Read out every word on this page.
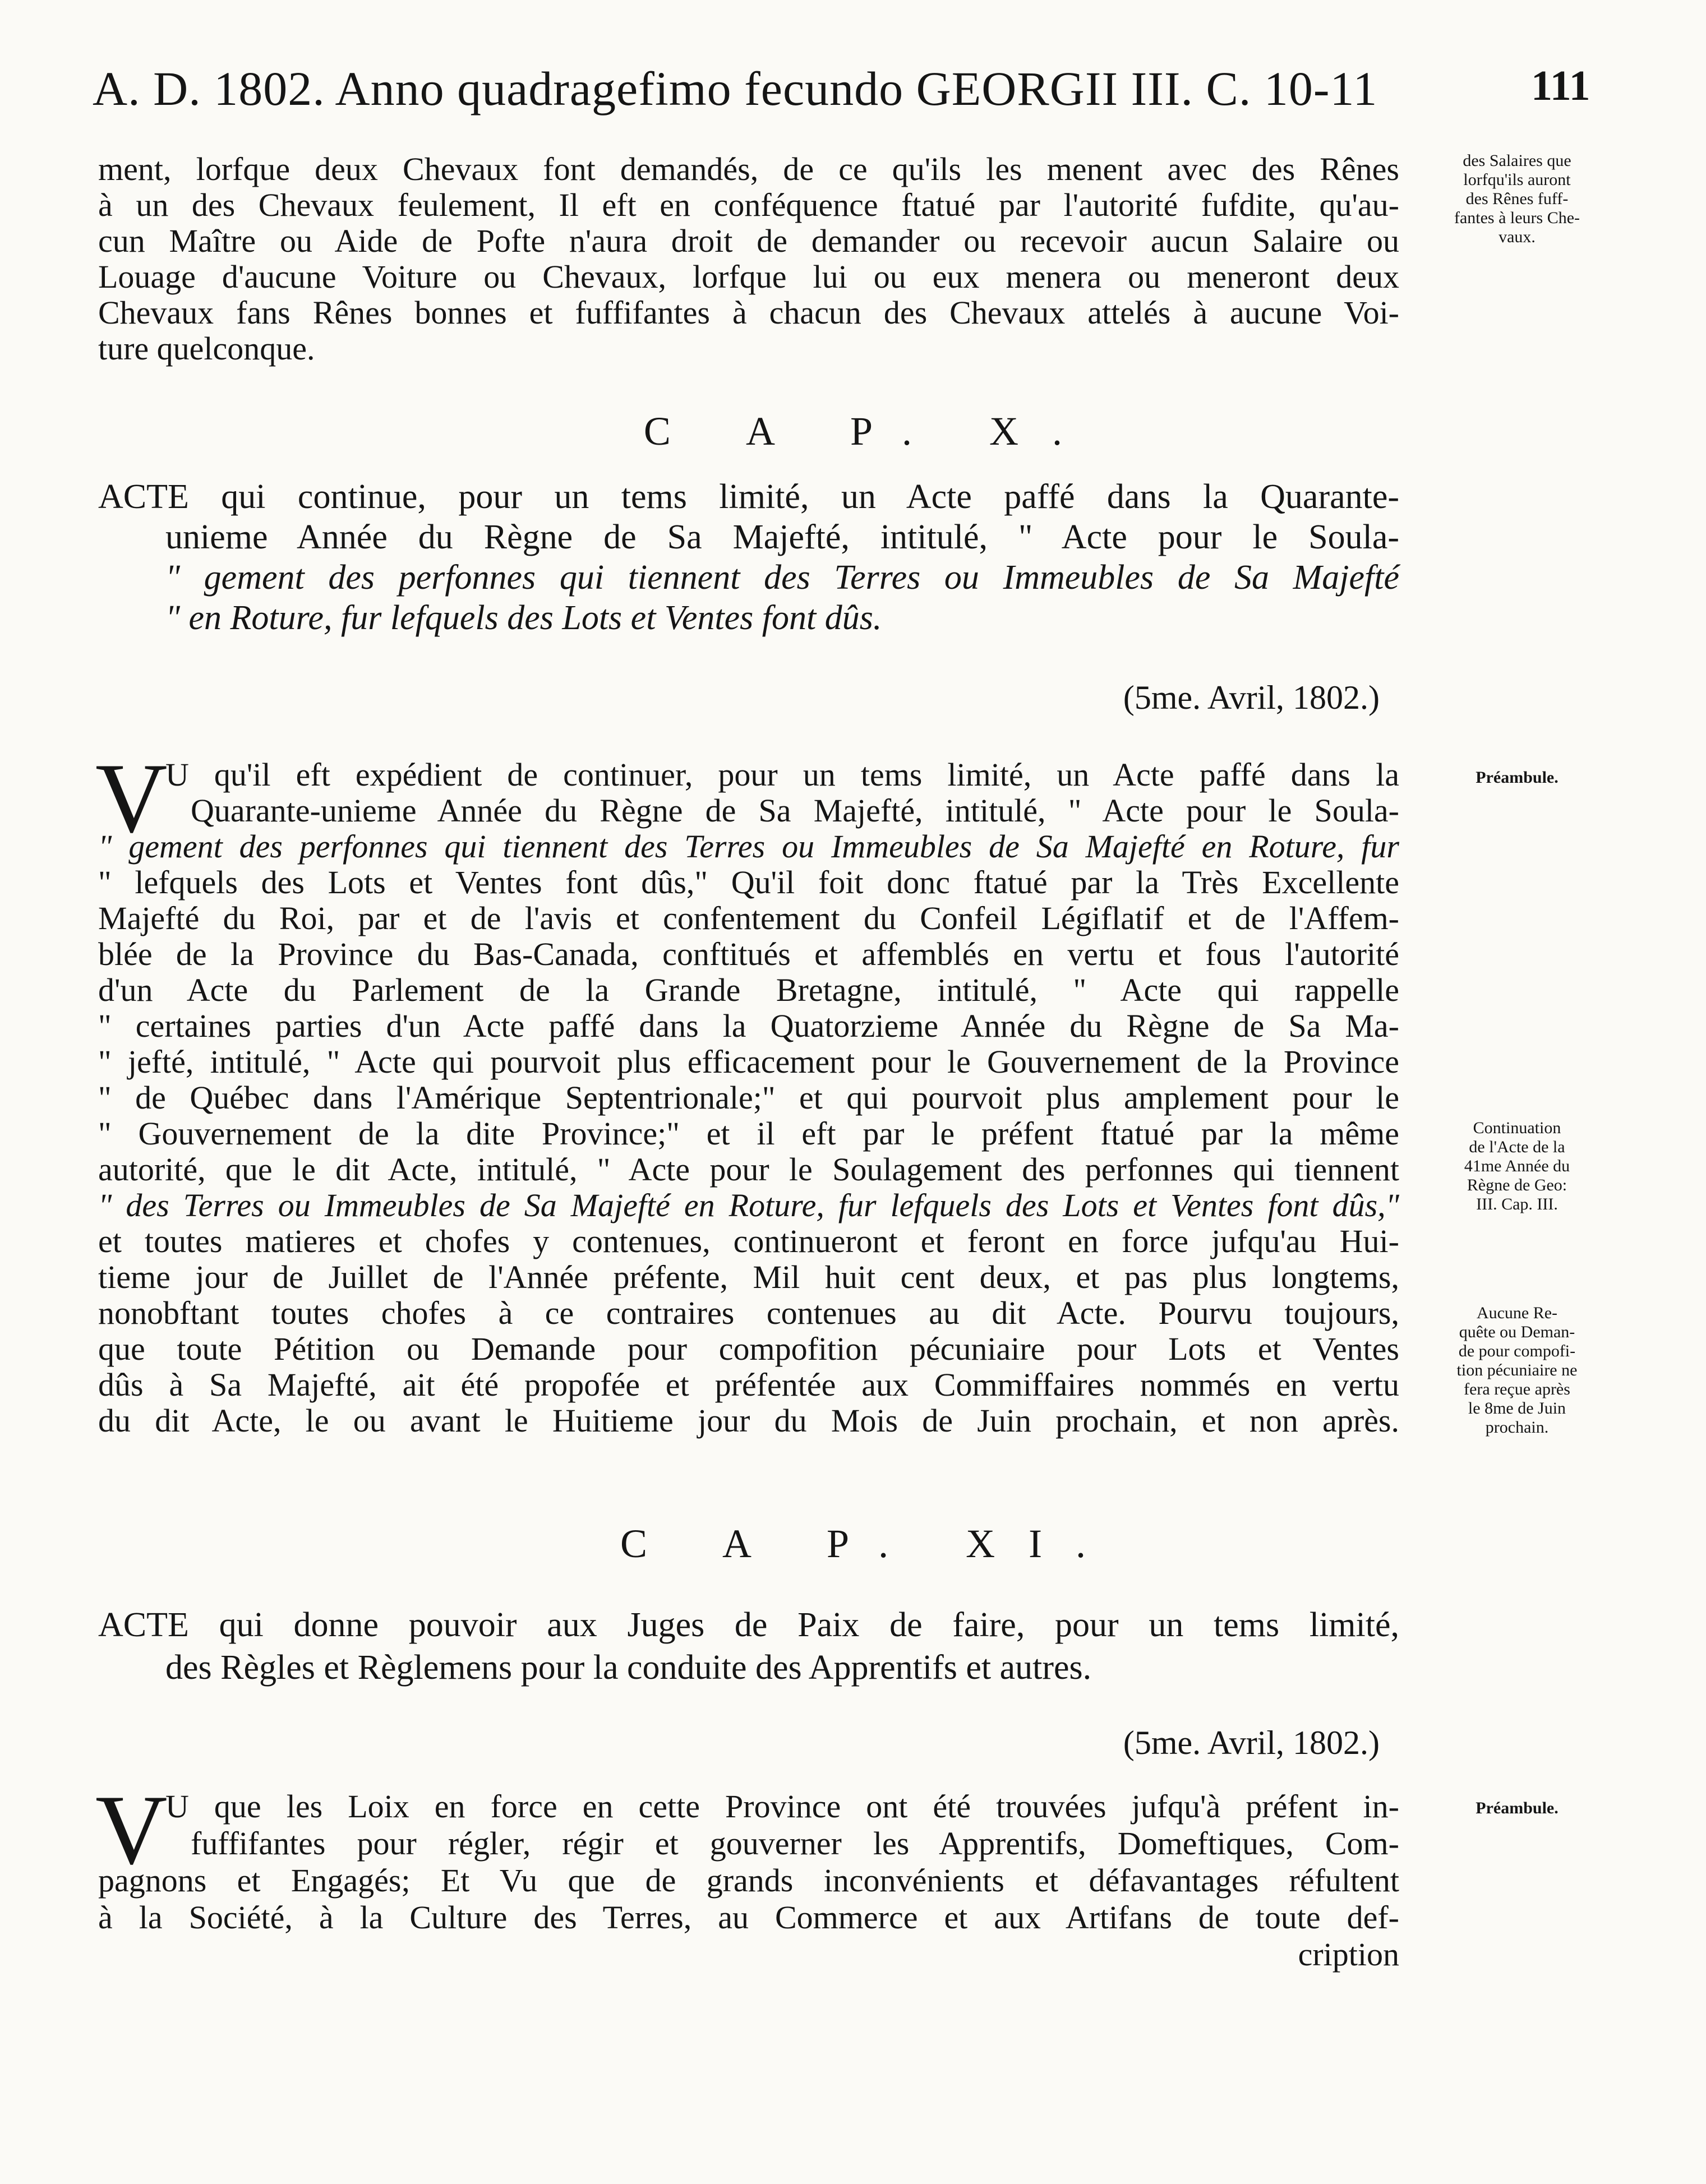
A. D. 1802. Anno quadragefimo fecundo GEORGII III. C. 10-11	111
ment, lorfque deux Chevaux font demandés, de ce qu'ils les menent avec des Rênes
à un des Chevaux feulement, Il eft en conféquence ftatué par l'autorité fufdite, qu'au-
cun Maître ou Aide de Pofte n'aura droit de demander ou recevoir aucun Salaire ou
Louage d'aucune Voiture ou Chevaux, lorfque lui ou eux menera ou meneront deux
Chevaux fans Rênes bonnes et fuffifantes à chacun des Chevaux attelés à aucune Voi-
ture quelconque.
des Salaires que
lorfqu'ils auront
des Rênes fuff-
fantes à leurs Che-
vaux.
C A P. X.
ACTE qui continue, pour un tems limité, un Acte paffé dans la Quarante-
unieme Année du Règne de Sa Majefté, intitulé, " Acte pour le Soula-
" gement des perfonnes qui tiennent des Terres ou Immeubles de Sa Majefté
" en Roture, fur lefquels des Lots et Ventes font dûs.
(5me. Avril, 1802.)
V
U qu'il eft expédient de continuer, pour un tems limité, un Acte paffé dans la
Quarante-unieme Année du Règne de Sa Majefté, intitulé, " Acte pour le Soula-
" gement des perfonnes qui tiennent des Terres ou Immeubles de Sa Majefté en Roture, fur
" lefquels des Lots et Ventes font dûs," Qu'il foit donc ftatué par la Très Excellente
Majefté du Roi, par et de l'avis et confentement du Confeil Légiflatif et de l'Affem-
blée de la Province du Bas-Canada, conftitués et affemblés en vertu et fous l'autorité
d'un Acte du Parlement de la Grande Bretagne, intitulé, " Acte qui rappelle
" certaines parties d'un Acte paffé dans la Quatorzieme Année du Règne de Sa Ma-
" jefté, intitulé, " Acte qui pourvoit plus efficacement pour le Gouvernement de la Province
" de Québec dans l'Amérique Septentrionale;" et qui pourvoit plus amplement pour le
" Gouvernement de la dite Province;" et il eft par le préfent ftatué par la même
autorité, que le dit Acte, intitulé, " Acte pour le Soulagement des perfonnes qui tiennent
" des Terres ou Immeubles de Sa Majefté en Roture, fur lefquels des Lots et Ventes font dûs,"
et toutes matieres et chofes y contenues, continueront et feront en force jufqu'au Hui-
tieme jour de Juillet de l'Année préfente, Mil huit cent deux, et pas plus longtems,
nonobftant toutes chofes à ce contraires contenues au dit Acte. Pourvu toujours,
que toute Pétition ou Demande pour compofition pécuniaire pour Lots et Ventes
dûs à Sa Majefté, ait été propofée et préfentée aux Commiffaires nommés en vertu
du dit Acte, le ou avant le Huitieme jour du Mois de Juin prochain, et non après.
Préambule.
Continuation
de l'Acte de la
41me Année du
Règne de Geo:
III. Cap. III.
Aucune Re-
quête ou Deman-
de pour compofi-
tion pécuniaire ne
fera reçue après
le 8me de Juin
prochain.
C A P. XI.
ACTE qui donne pouvoir aux Juges de Paix de faire, pour un tems limité,
des Règles et Règlemens pour la conduite des Apprentifs et autres.
(5me. Avril, 1802.)
V
U que les Loix en force en cette Province ont été trouvées jufqu'à préfent in-
fuffifantes pour régler, régir et gouverner les Apprentifs, Domeftiques, Com-
pagnons et Engagés; Et Vu que de grands inconvénients et défavantages réfultent
à la Société, à la Culture des Terres, au Commerce et aux Artifans de toute def-
cription
Préambule.
